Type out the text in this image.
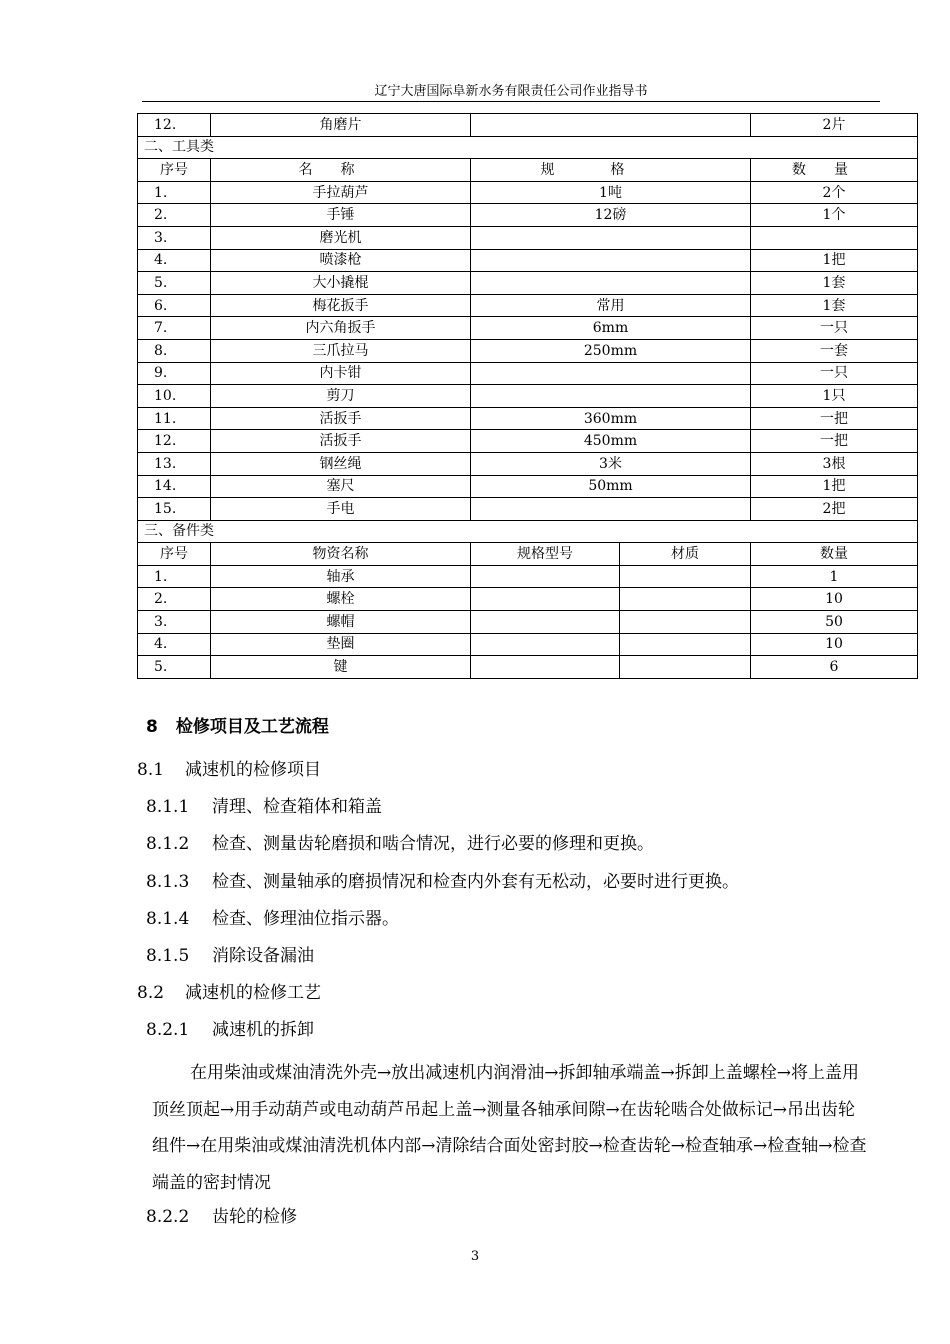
辽宁大唐国际阜新水务有限责任公司作业指导书
12.	角磨片			2片
二、工具类				
序号	名称	规格		数量
1.	手拉葫芦	1吨		2个
2.	手锤	12磅		1个
3.	磨光机			
4.	喷漆枪			1把
5.	大小撬棍			1套
6.	梅花扳手	常用		1套
7.	内六角扳手	6mm		一只
8.	三爪拉马	250mm		一套
9.	内卡钳			一只
10.	剪刀			1只
11.	活扳手	360mm		一把
12.	活扳手	450mm		一把
13.	钢丝绳	3米		3根
14.	塞尺	50mm		1把
15.	手电			2把
三、备件类				
序号	物资名称	规格型号	材质	数量
1.	轴承			1
2.	螺栓			10
3.	螺帽			50
4.	垫圈			10
5.	键			6
8 检修项目及工艺流程
8.1 减速机的检修项目
8.1.1 清理、检查箱体和箱盖
8.1.2 检查、测量齿轮磨损和啮合情况，进行必要的修理和更换。
8.1.3 检查、测量轴承的磨损情况和检查内外套有无松动，必要时进行更换。
8.1.4 检查、修理油位指示器。
8.1.5 消除设备漏油
8.2 减速机的检修工艺
8.2.1 减速机的拆卸
在用柴油或煤油清洗外壳→放出减速机内润滑油→拆卸轴承端盖→拆卸上盖螺栓→将上盖用顶丝顶起→用手动葫芦或电动葫芦吊起上盖→测量各轴承间隙→在齿轮啮合处做标记→吊出齿轮组件→在用柴油或煤油清洗机体内部→清除结合面处密封胶→检查齿轮→检查轴承→检查轴→检查端盖的密封情况
8.2.2 齿轮的检修
3
